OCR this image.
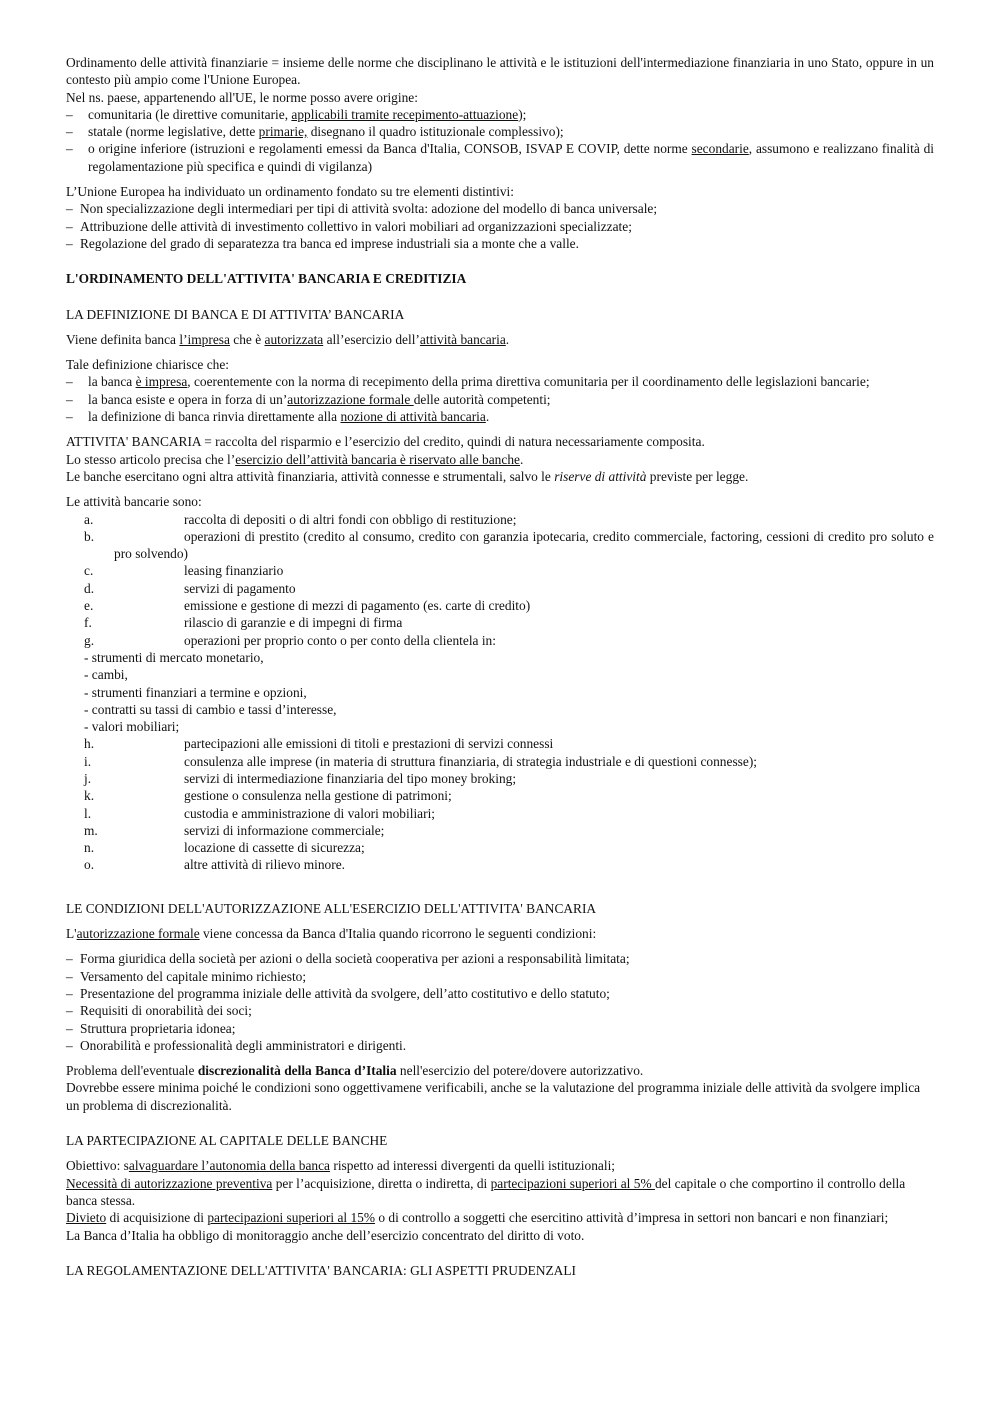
Ordinamento delle attività finanziarie = insieme delle norme che disciplinano le attività e le istituzioni dell'intermediazione finanziaria in uno Stato, oppure in un contesto più ampio come l'Unione Europea.

Nel ns. paese, appartenendo all'UE, le norme posso avere origine:

– comunitaria (le direttive comunitarie, applicabili tramite recepimento-attuazione);

– statale (norme legislative, dette primarie, disegnano il quadro istituzionale complessivo);

– o origine inferiore (istruzioni e regolamenti emessi da Banca d'Italia, CONSOB, ISVAP E COVIP, dette norme secondarie, assumono e realizzano finalità di regolamentazione più specifica e quindi di vigilanza)

L’Unione Europea ha individuato un ordinamento fondato su tre elementi distintivi:

– Non specializzazione degli intermediari per tipi di attività svolta: adozione del modello di banca universale;

– Attribuzione delle attività di investimento collettivo in valori mobiliari ad organizzazioni specializzate;

– Regolazione del grado di separatezza tra banca ed imprese industriali sia a monte che a valle.

L'ORDINAMENTO DELL'ATTIVITA' BANCARIA E CREDITIZIA

LA DEFINIZIONE DI BANCA E DI ATTIVITA’ BANCARIA

Viene definita banca l’impresa che è autorizzata all’esercizio dell’attività bancaria.

Tale definizione chiarisce che:

– la banca è impresa, coerentemente con la norma di recepimento della prima direttiva comunitaria per il coordinamento delle legislazioni bancarie;

– la banca esiste e opera in forza di un’autorizzazione formale delle autorità competenti;

– la definizione di banca rinvia direttamente alla nozione di attività bancaria.

ATTIVITA' BANCARIA = raccolta del risparmio e l’esercizio del credito, quindi di natura necessariamente composita.

Lo stesso articolo precisa che l’esercizio dell’attività bancaria è riservato alle banche.

Le banche esercitano ogni altra attività finanziaria, attività connesse e strumentali, salvo le riserve di attività previste per legge.

Le attività bancarie sono:

a.	raccolta di depositi o di altri fondi con obbligo di restituzione;

b.	operazioni di prestito (credito al consumo, credito con garanzia ipotecaria, credito commerciale, factoring, cessioni di credito pro soluto e pro solvendo)

c.	leasing finanziario

d.	servizi di pagamento

e.	emissione e gestione di mezzi di pagamento (es. carte di credito)

f.	rilascio di garanzie e di impegni di firma

g.	operazioni per proprio conto o per conto della clientela in:

- strumenti di mercato monetario,

- cambi,

- strumenti finanziari a termine e opzioni,

- contratti su tassi di cambio e tassi d’interesse,

- valori mobiliari;

h.	partecipazioni alle emissioni di titoli e prestazioni di servizi connessi

i.	consulenza alle imprese (in materia di struttura finanziaria, di strategia industriale e di questioni connesse);

j.	servizi di intermediazione finanziaria del tipo money broking;

k.	gestione o consulenza nella gestione di patrimoni;

l.	custodia e amministrazione di valori mobiliari;

m.	servizi di informazione commerciale;

n.	locazione di cassette di sicurezza;

o.	altre attività di rilievo minore.

LE CONDIZIONI DELL'AUTORIZZAZIONE ALL'ESERCIZIO DELL'ATTIVITA' BANCARIA

L'autorizzazione formale viene concessa da Banca d'Italia quando ricorrono le seguenti condizioni:

– Forma giuridica della società per azioni o della società cooperativa per azioni a responsabilità limitata;

– Versamento del capitale minimo richiesto;

– Presentazione del programma iniziale delle attività da svolgere, dell’atto costitutivo e dello statuto;

– Requisiti di onorabilità dei soci;

– Struttura proprietaria idonea;

– Onorabilità e professionalità degli amministratori e dirigenti.

Problema dell'eventuale discrezionalità della Banca d’Italia nell'esercizio del potere/dovere autorizzativo.

Dovrebbe essere minima poiché le condizioni sono oggettivamene verificabili, anche se la valutazione del programma iniziale delle attività da svolgere implica un problema di discrezionalità.

LA PARTECIPAZIONE AL CAPITALE DELLE BANCHE

Obiettivo: salvaguardare l’autonomia della banca rispetto ad interessi divergenti da quelli istituzionali;

Necessità di autorizzazione preventiva per l’acquisizione, diretta o indiretta, di partecipazioni superiori al 5% del capitale o che comportino il controllo della banca stessa.

Divieto di acquisizione di partecipazioni superiori al 15% o di controllo a soggetti che esercitino attività d’impresa in settori non bancari e non finanziari;

La Banca d’Italia ha obbligo di monitoraggio anche dell’esercizio concentrato del diritto di voto.

LA REGOLAMENTAZIONE DELL'ATTIVITA' BANCARIA: GLI ASPETTI PRUDENZALI
